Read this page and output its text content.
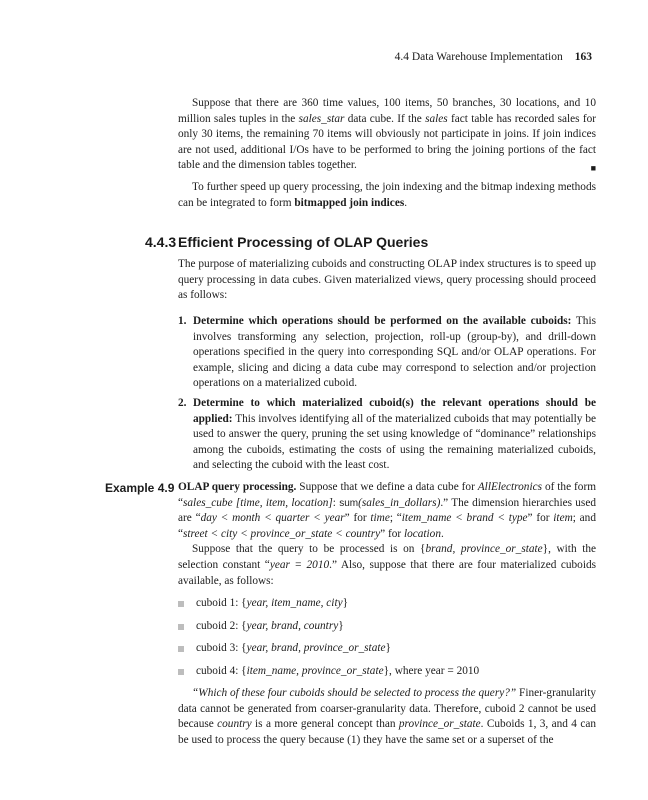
4.4 Data Warehouse Implementation 163

Suppose that there are 360 time values, 100 items, 50 branches, 30 locations, and 10 million sales tuples in the sales_star data cube. If the sales fact table has recorded sales for only 30 items, the remaining 70 items will obviously not participate in joins. If join indices are not used, additional I/Os have to be performed to bring the joining portions of the fact table and the dimension tables together.	■

To further speed up query processing, the join indexing and the bitmap indexing methods can be integrated to form bitmapped join indices.

4.4.3 Efficient Processing of OLAP Queries

The purpose of materializing cuboids and constructing OLAP index structures is to speed up query processing in data cubes. Given materialized views, query processing should proceed as follows:

1. Determine which operations should be performed on the available cuboids: This involves transforming any selection, projection, roll-up (group-by), and drill-down operations specified in the query into corresponding SQL and/or OLAP operations. For example, slicing and dicing a data cube may correspond to selection and/or projection operations on a materialized cuboid.
2. Determine to which materialized cuboid(s) the relevant operations should be applied: This involves identifying all of the materialized cuboids that may potentially be used to answer the query, pruning the set using knowledge of “dominance” relationships among the cuboids, estimating the costs of using the remaining materialized cuboids, and selecting the cuboid with the least cost.
Example 4.9 OLAP query processing. Suppose that we define a data cube for AllElectronics of the form “sales_cube [time, item, location]: sum(sales_in_dollars).” The dimension hierarchies used are “day < month < quarter < year” for time; “item_name < brand < type” for item; and “street < city < province_or_state < country” for location.

Suppose that the query to be processed is on {brand, province_or_state}, with the selection constant “year = 2010.” Also, suppose that there are four materialized cuboids available, as follows:

cuboid 1: {year, item_name, city}
cuboid 2: {year, brand, country}
cuboid 3: {year, brand, province_or_state}
cuboid 4: {item_name, province_or_state}, where year = 2010

“Which of these four cuboids should be selected to process the query?” Finer-granularity data cannot be generated from coarser-granularity data. Therefore, cuboid 2 cannot be used because country is a more general concept than province_or_state. Cuboids 1, 3, and 4 can be used to process the query because (1) they have the same set or a superset of the
